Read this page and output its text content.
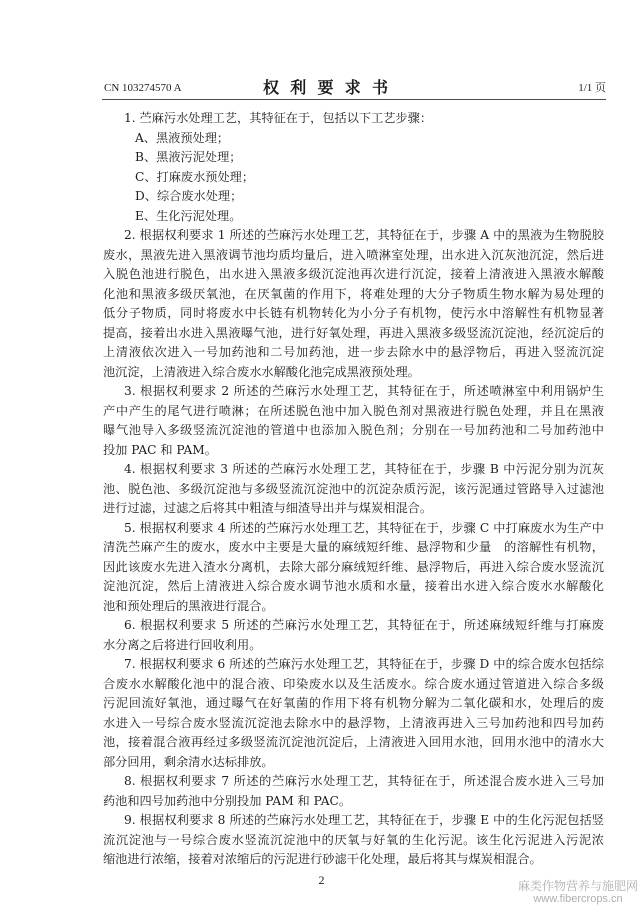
CN 103274570 A	权利要求书	1/1 页
1. 苎麻污水处理工艺，其特征在于，包括以下工艺步骤：
A、黑液预处理；
B、黑液污泥处理；
C、打麻废水预处理；
D、综合废水处理；
E、生化污泥处理。
2. 根据权利要求 1 所述的苎麻污水处理工艺，其特征在于，步骤 A 中的黑液为生物脱胶
废水，黑液先进入黑液调节池均质均量后，进入喷淋室处理，出水进入沉灰池沉淀，然后进
入脱色池进行脱色，出水进入黑液多级沉淀池再次进行沉淀，接着上清液进入黑液水解酸
化池和黑液多级厌氧池，在厌氧菌的作用下，将难处理的大分子物质生物水解为易处理的
低分子物质，同时将废水中长链有机物转化为小分子有机物，使污水中溶解性有机物显著
提高，接着出水进入黑液曝气池，进行好氧处理，再进入黑液多级竖流沉淀池，经沉淀后的
上清液依次进入一号加药池和二号加药池，进一步去除水中的悬浮物后，再进入竖流沉淀
池沉淀，上清液进入综合废水水解酸化池完成黑液预处理。
3. 根据权利要求 2 所述的苎麻污水处理工艺，其特征在于，所述喷淋室中利用锅炉生
产中产生的尾气进行喷淋；在所述脱色池中加入脱色剂对黑液进行脱色处理，并且在黑液
曝气池导入多级竖流沉淀池的管道中也添加入脱色剂；分别在一号加药池和二号加药池中
投加 PAC 和 PAM。
4. 根据权利要求 3 所述的苎麻污水处理工艺，其特征在于，步骤 B 中污泥分别为沉灰
池、脱色池、多级沉淀池与多级竖流沉淀池中的沉淀杂质污泥，该污泥通过管路导入过滤池
进行过滤，过滤之后将其中粗渣与细渣导出并与煤炭相混合。
5. 根据权利要求 4 所述的苎麻污水处理工艺，其特征在于，步骤 C 中打麻废水为生产中
清洗苎麻产生的废水，废水中主要是大量的麻绒短纤维、悬浮物和少量　的溶解性有机物，
因此该废水先进入渣水分离机，去除大部分麻绒短纤维、悬浮物后，再进入综合废水竖流沉
淀池沉淀，然后上清液进入综合废水调节池水质和水量，接着出水进入综合废水水解酸化
池和预处理后的黑液进行混合。
6. 根据权利要求 5 所述的苎麻污水处理工艺，其特征在于，所述麻绒短纤维与打麻废
水分离之后将进行回收利用。
7. 根据权利要求 6 所述的苎麻污水处理工艺，其特征在于，步骤 D 中的综合废水包括综
合废水水解酸化池中的混合液、印染废水以及生活废水。综合废水通过管道进入综合多级
污泥回流好氧池，通过曝气在好氧菌的作用下将有机物分解为二氧化碳和水，处理后的废
水进入一号综合废水竖流沉淀池去除水中的悬浮物，上清液再进入三号加药池和四号加药
池，接着混合液再经过多级竖流沉淀池沉淀后，上清液进入回用水池，回用水池中的清水大
部分回用，剩余清水达标排放。
8. 根据权利要求 7 所述的苎麻污水处理工艺，其特征在于，所述混合废水进入三号加
药池和四号加药池中分别投加 PAM 和 PAC。
9. 根据权利要求 8 所述的苎麻污水处理工艺，其特征在于，步骤 E 中的生化污泥包括竖
流沉淀池与一号综合废水竖流沉淀池中的厌氧与好氧的生化污泥。该生化污泥进入污泥浓
缩池进行浓缩，接着对浓缩后的污泥进行砂滤干化处理，最后将其与煤炭相混合。
2	麻类作物营养与施肥网
www.fibercrops.cn
